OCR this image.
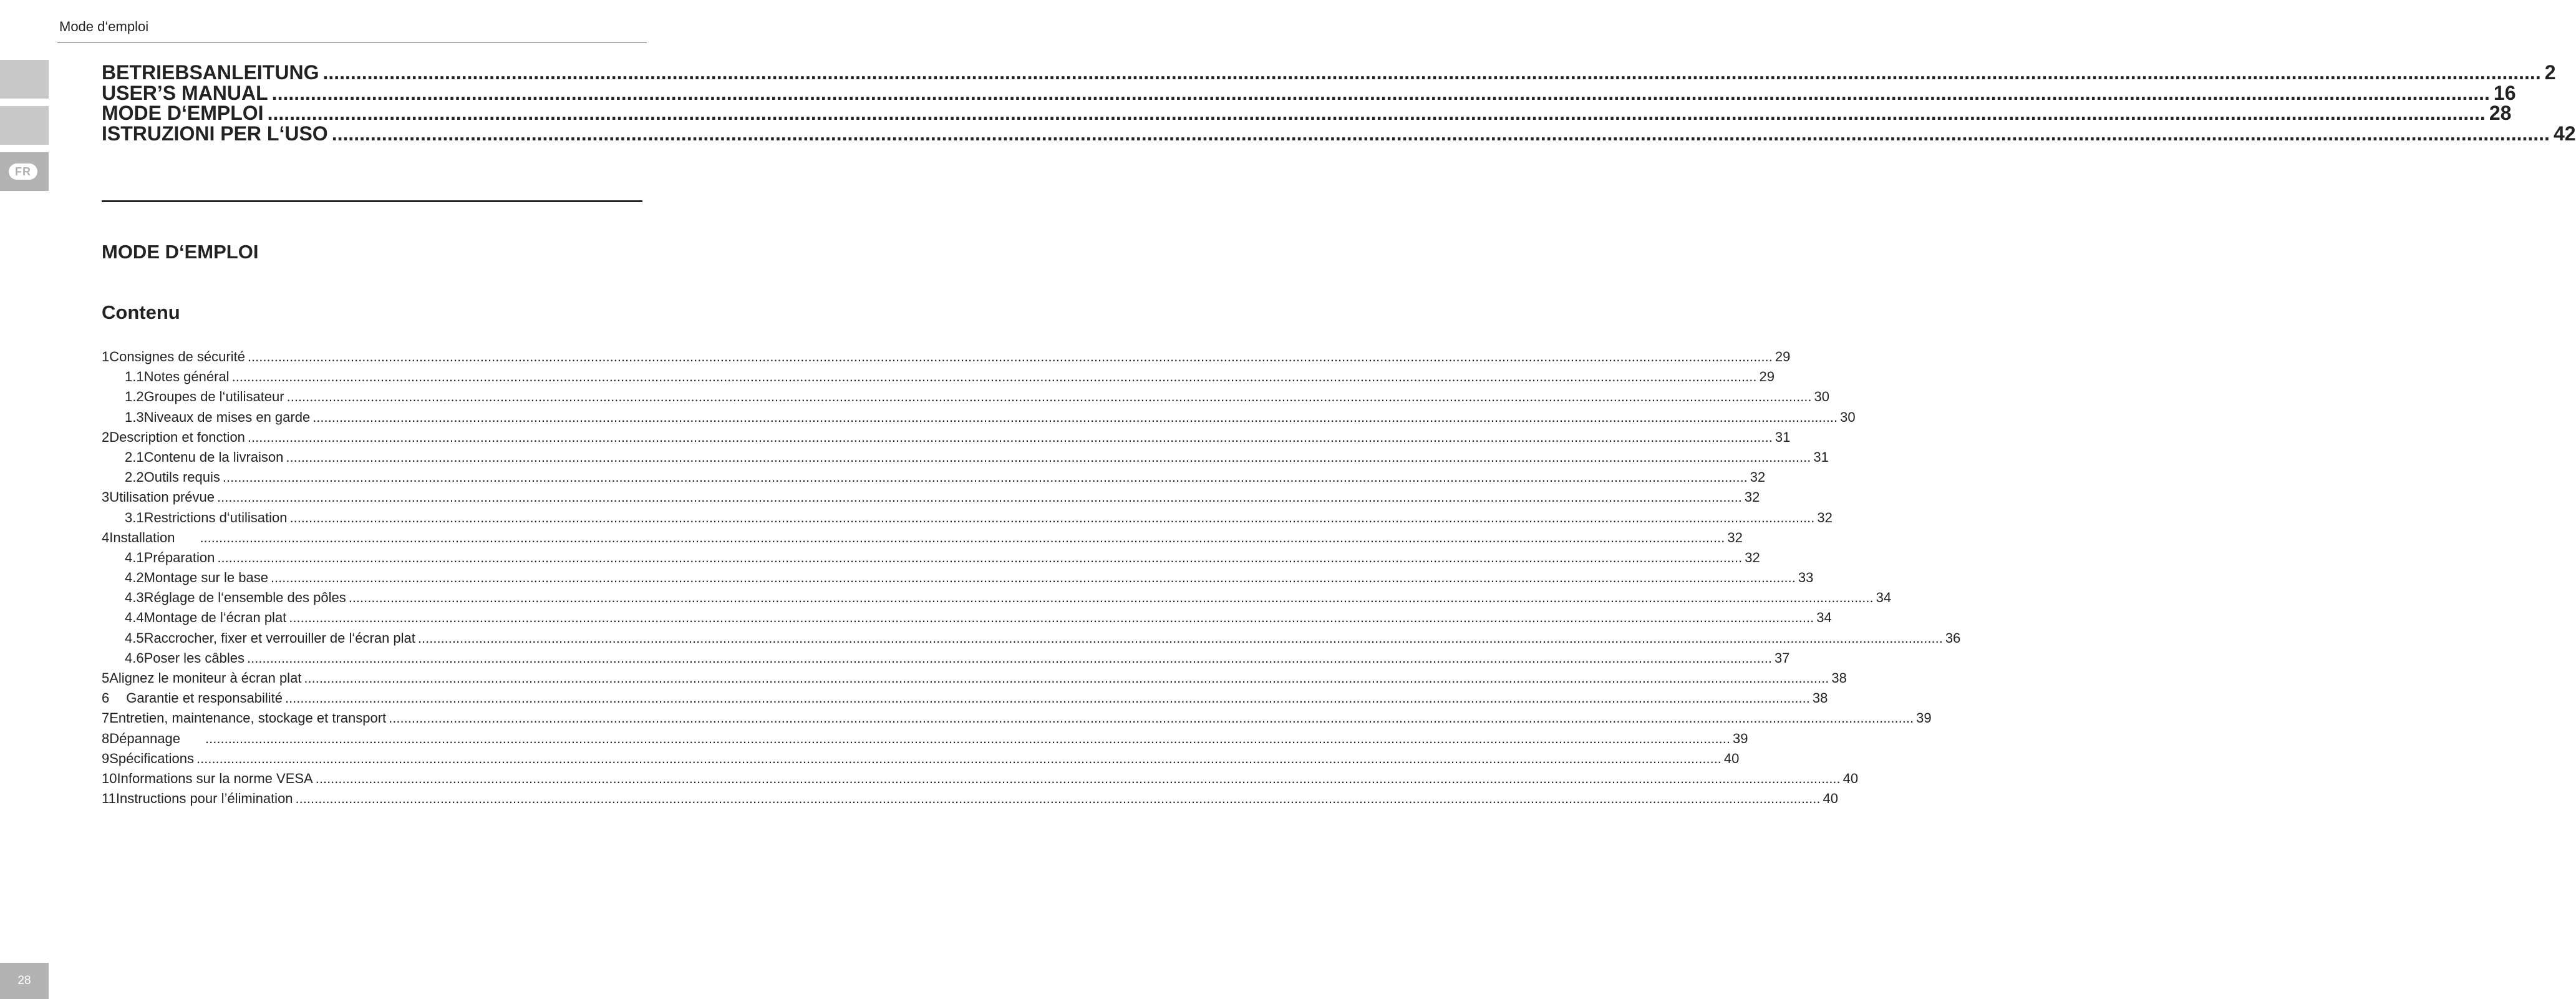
Mode d‘emploi
FR
BETRIEBSANLEITUNG ................................................................................................................................................................................................................................................................................................................................................................................................................ 2
USER’S MANUAL ................................................................................................................................................................................................................................................................................................................................................................................................................ 16
MODE D‘EMPLOI ................................................................................................................................................................................................................................................................................................................................................................................................................ 28
ISTRUZIONI PER L‘USO ................................................................................................................................................................................................................................................................................................................................................................................................................ 42
MODE D‘EMPLOI
Contenu
1 Consignes de sécurité ................................................................................................................................................................................................................................................................................................................................................................................................................ 29
1.1 Notes général ................................................................................................................................................................................................................................................................................................................................................................................................................ 29
1.2 Groupes de l‘utilisateur ................................................................................................................................................................................................................................................................................................................................................................................................................ 30
1.3 Niveaux de mises en garde ................................................................................................................................................................................................................................................................................................................................................................................................................ 30
2 Description et fonction ................................................................................................................................................................................................................................................................................................................................................................................................................ 31
2.1 Contenu de la livraison ................................................................................................................................................................................................................................................................................................................................................................................................................ 31
2.2 Outils requis ................................................................................................................................................................................................................................................................................................................................................................................................................ 32
3 Utilisation prévue ................................................................................................................................................................................................................................................................................................................................................................................................................ 32
3.1 Restrictions d‘utilisation ................................................................................................................................................................................................................................................................................................................................................................................................................ 32
4 Installation ................................................................................................................................................................................................................................................................................................................................................................................................................ 32
4.1 Préparation ................................................................................................................................................................................................................................................................................................................................................................................................................ 32
4.2 Montage sur le base ................................................................................................................................................................................................................................................................................................................................................................................................................ 33
4.3 Réglage de l‘ensemble des pôles ................................................................................................................................................................................................................................................................................................................................................................................................................ 34
4.4 Montage de l‘écran plat ................................................................................................................................................................................................................................................................................................................................................................................................................ 34
4.5 Raccrocher, fixer et verrouiller de l‘écran plat ................................................................................................................................................................................................................................................................................................................................................................................................................ 36
4.6 Poser les câbles ................................................................................................................................................................................................................................................................................................................................................................................................................ 37
5 Alignez le moniteur à écran plat ................................................................................................................................................................................................................................................................................................................................................................................................................ 38
6 Garantie et responsabilité ................................................................................................................................................................................................................................................................................................................................................................................................................ 38
7 Entretien, maintenance, stockage et transport ................................................................................................................................................................................................................................................................................................................................................................................................................ 39
8 Dépannage ................................................................................................................................................................................................................................................................................................................................................................................................................ 39
9 Spécifications ................................................................................................................................................................................................................................................................................................................................................................................................................ 40
10 Informations sur la norme VESA ................................................................................................................................................................................................................................................................................................................................................................................................................ 40
11 Instructions pour l’élimination ................................................................................................................................................................................................................................................................................................................................................................................................................ 40
28
